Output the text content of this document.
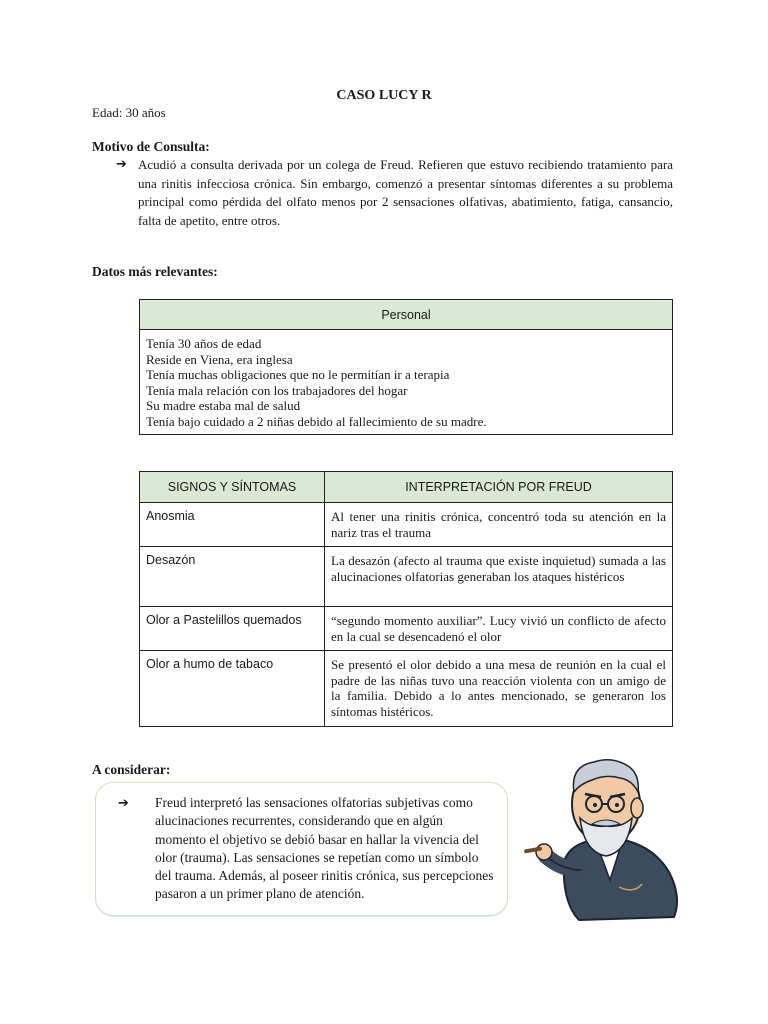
CASO LUCY R
Edad: 30 años
Motivo de Consulta:
➔ Acudió a consulta derivada por un colega de Freud. Refieren que estuvo recibiendo tratamiento para una rinitis infecciosa crónica. Sin embargo, comenzó a presentar síntomas diferentes a su problema principal como pérdida del olfato menos por 2 sensaciones olfativas, abatimiento, fatiga, cansancio, falta de apetito, entre otros.
Datos más relevantes:
Personal

Tenía 30 años de edad
Reside en Viena, era inglesa
Tenía muchas obligaciones que no le permitían ir a terapia
Tenía mala relación con los trabajadores del hogar
Su madre estaba mal de salud
Tenía bajo cuidado a 2 niñas debido al fallecimiento de su madre.
SIGNOS Y SÍNTOMAS	INTERPRETACIÓN POR FREUD
Anosmia	Al tener una rinitis crónica, concentró toda su atención en la nariz tras el trauma
Desazón	La desazón (afecto al trauma que existe inquietud) sumada a las alucinaciones olfatorias generaban los ataques histéricos
Olor a Pastelillos quemados	“segundo momento auxiliar”. Lucy vivió un conflicto de afecto en la cual se desencadenó el olor
Olor a humo de tabaco	Se presentó el olor debido a una mesa de reunión en la cual el padre de las niñas tuvo una reacción violenta con un amigo de la familia. Debido a lo antes mencionado, se generaron los síntomas histéricos.
A considerar:
➔ Freud interpretó las sensaciones olfatorias subjetivas como alucinaciones recurrentes, considerando que en algún momento el objetivo se debió basar en hallar la vivencia del olor (trauma). Las sensaciones se repetían como un símbolo del trauma. Además, al poseer rinitis crónica, sus percepciones pasaron a un primer plano de atención.
